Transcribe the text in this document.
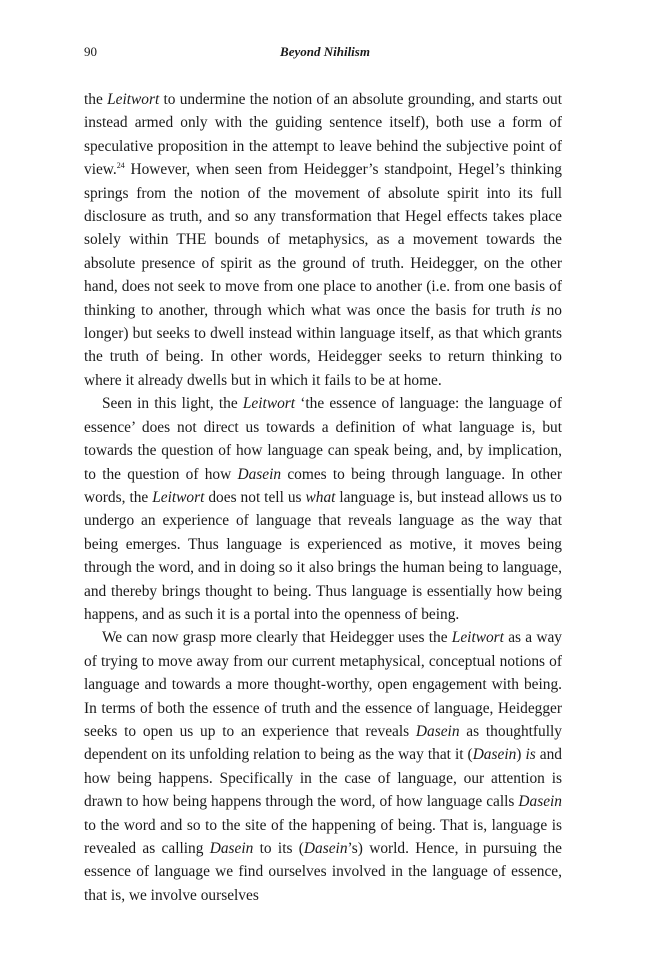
90	Beyond Nihilism

the Leitwort to undermine the notion of an absolute grounding, and starts out instead armed only with the guiding sentence itself), both use a form of speculative proposition in the attempt to leave behind the subjective point of view.$^{24}$ However, when seen from Heidegger’s standpoint, Hegel’s thinking springs from the notion of the movement of absolute spirit into its full disclosure as truth, and so any transformation that Hegel effects takes place solely within THE bounds of metaphysics, as a movement towards the absolute presence of spirit as the ground of truth. Heidegger, on the other hand, does not seek to move from one place to another (i.e. from one basis of thinking to another, through which what was once the basis for truth is no longer) but seeks to dwell instead within language itself, as that which grants the truth of being. In other words, Heidegger seeks to return thinking to where it already dwells but in which it fails to be at home.

Seen in this light, the Leitwort ‘the essence of language: the language of essence’ does not direct us towards a definition of what language is, but towards the question of how language can speak being, and, by implication, to the question of how Dasein comes to being through language. In other words, the Leitwort does not tell us what language is, but instead allows us to undergo an experience of language that reveals language as the way that being emerges. Thus language is experienced as motive, it moves being through the word, and in doing so it also brings the human being to language, and thereby brings thought to being. Thus language is essentially how being happens, and as such it is a portal into the openness of being.

We can now grasp more clearly that Heidegger uses the Leitwort as a way of trying to move away from our current metaphysical, conceptual notions of language and towards a more thought-worthy, open engagement with being. In terms of both the essence of truth and the essence of language, Heidegger seeks to open us up to an experience that reveals Dasein as thoughtfully dependent on its unfolding relation to being as the way that it (Dasein) is and how being happens. Specifically in the case of language, our attention is drawn to how being happens through the word, of how language calls Dasein to the word and so to the site of the happening of being. That is, language is revealed as calling Dasein to its (Dasein’s) world. Hence, in pursuing the essence of language we find ourselves involved in the language of essence, that is, we involve ourselves
